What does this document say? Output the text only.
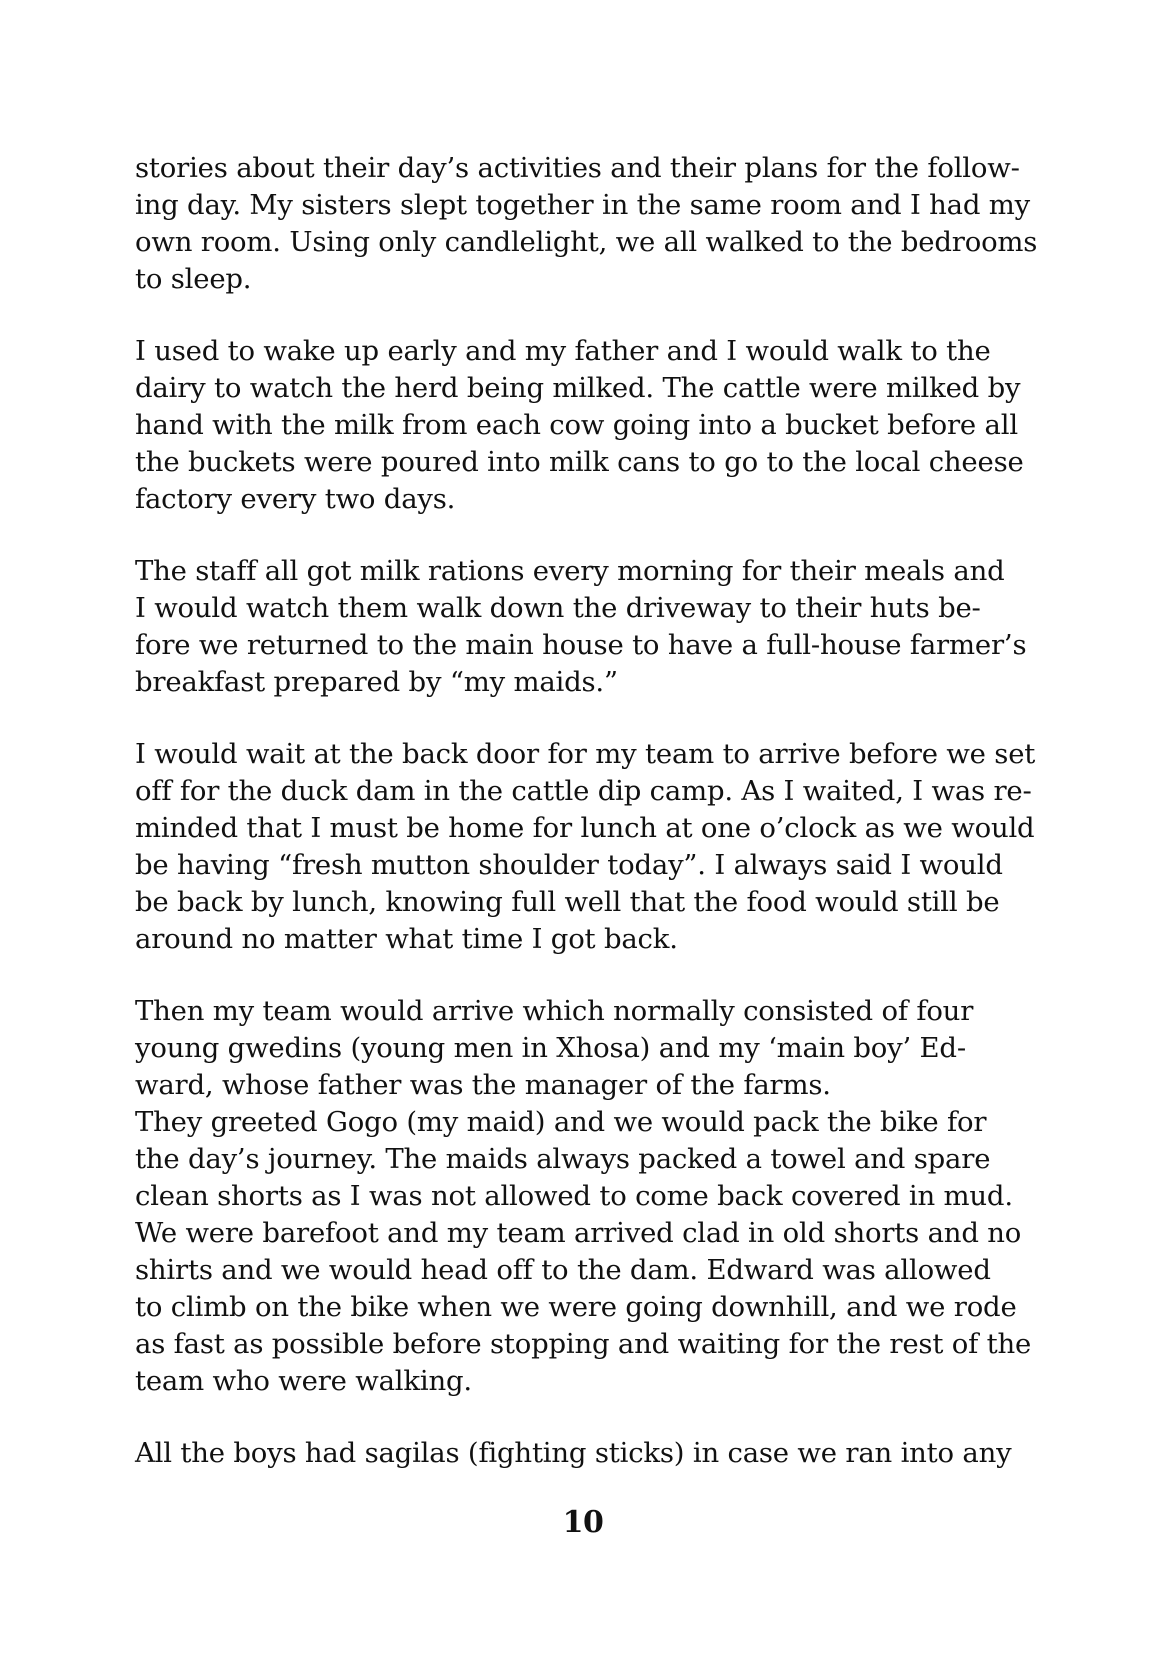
stories about their day’s activities and their plans for the follow-
ing day. My sisters slept together in the same room and I had my
own room. Using only candlelight, we all walked to the bedrooms
to sleep.

I used to wake up early and my father and I would walk to the
dairy to watch the herd being milked. The cattle were milked by
hand with the milk from each cow going into a bucket before all
the buckets were poured into milk cans to go to the local cheese
factory every two days.

The staff all got milk rations every morning for their meals and
I would watch them walk down the driveway to their huts be-
fore we returned to the main house to have a full-house farmer’s
breakfast prepared by “my maids.”

I would wait at the back door for my team to arrive before we set
off for the duck dam in the cattle dip camp. As I waited, I was re-
minded that I must be home for lunch at one o’clock as we would
be having “fresh mutton shoulder today”. I always said I would
be back by lunch, knowing full well that the food would still be
around no matter what time I got back.

Then my team would arrive which normally consisted of four
young gwedins (young men in Xhosa) and my ‘main boy’ Ed-
ward, whose father was the manager of the farms.
They greeted Gogo (my maid) and we would pack the bike for
the day’s journey. The maids always packed a towel and spare
clean shorts as I was not allowed to come back covered in mud.
We were barefoot and my team arrived clad in old shorts and no
shirts and we would head off to the dam. Edward was allowed
to climb on the bike when we were going downhill, and we rode
as fast as possible before stopping and waiting for the rest of the
team who were walking.

All the boys had sagilas (fighting sticks) in case we ran into any

10
